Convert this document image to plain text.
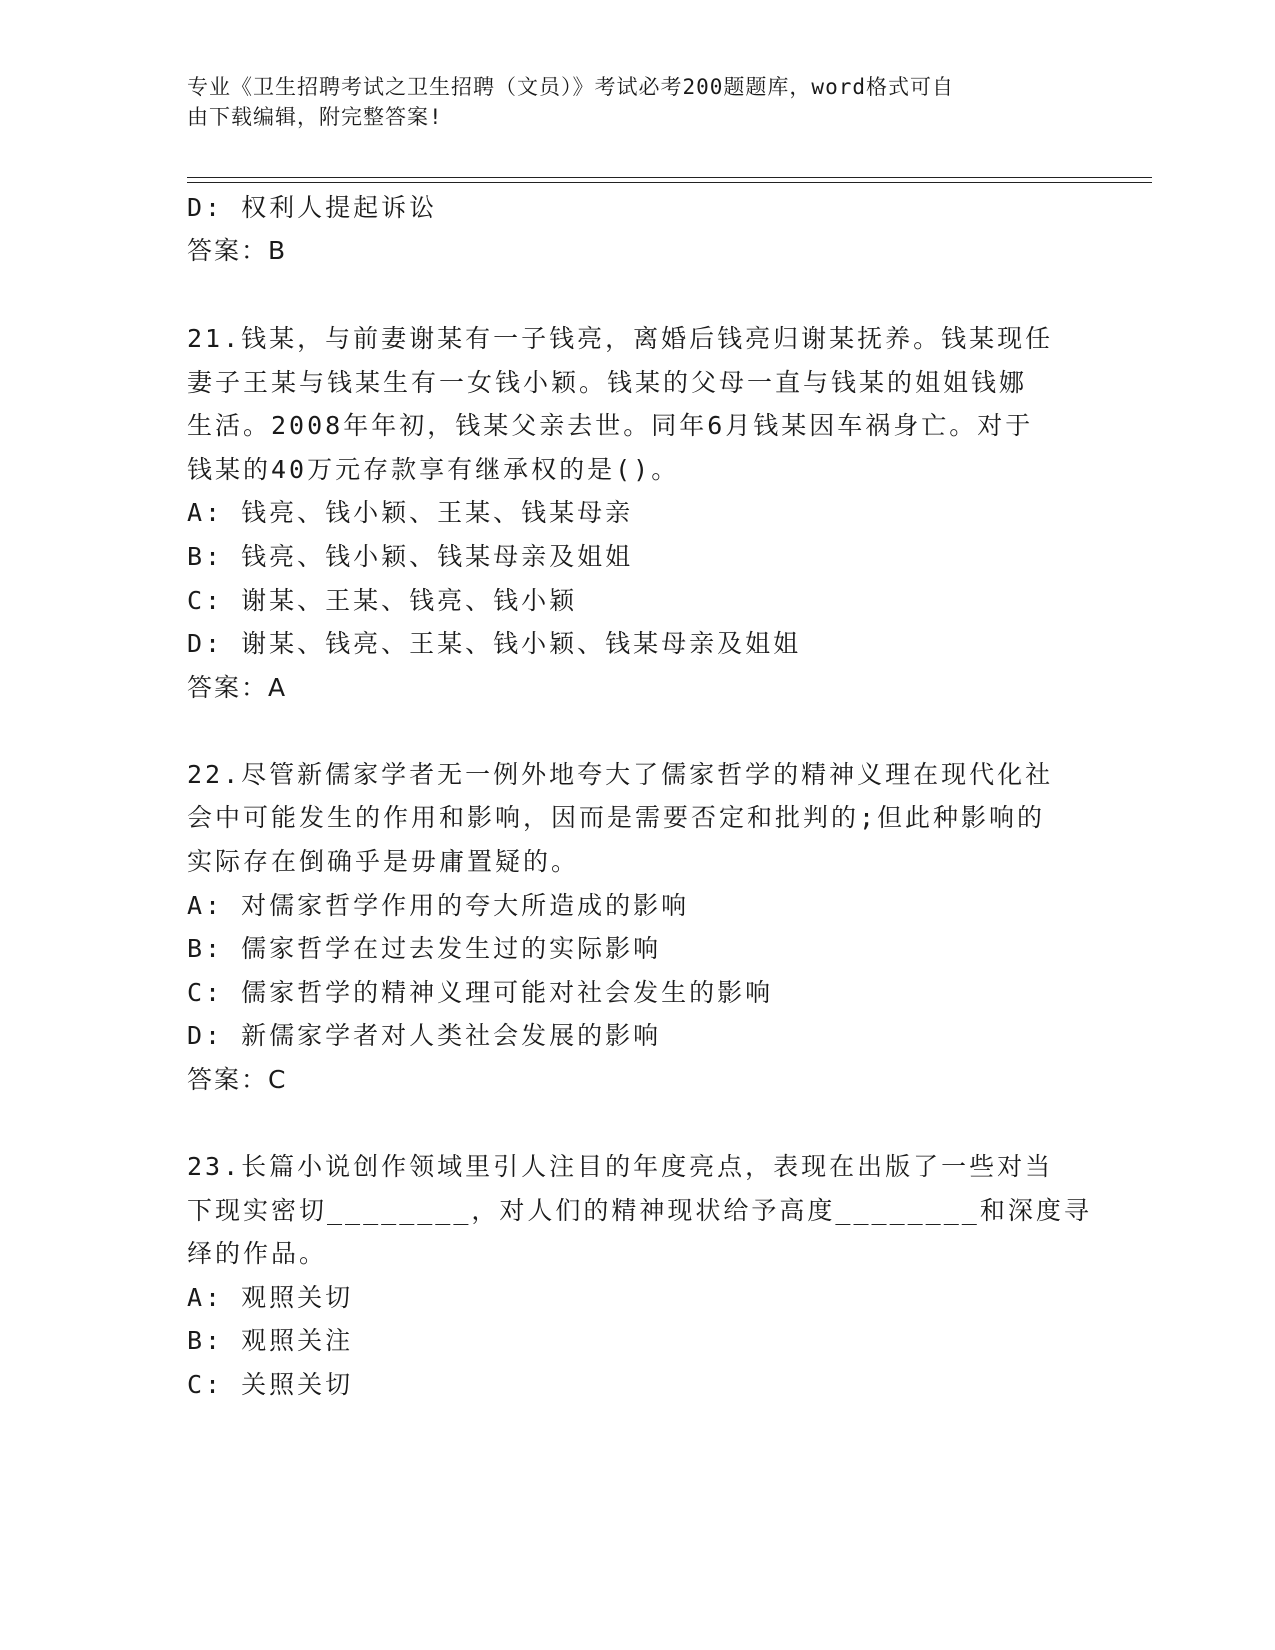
专业《卫生招聘考试之卫生招聘（文员）》考试必考200题题库，word格式可自
由下载编辑，附完整答案!
D: 权利人提起诉讼
答案：B
21.钱某，与前妻谢某有一子钱亮，离婚后钱亮归谢某抚养。钱某现任
妻子王某与钱某生有一女钱小颖。钱某的父母一直与钱某的姐姐钱娜
生活。2008年年初，钱某父亲去世。同年6月钱某因车祸身亡。对于
钱某的40万元存款享有继承权的是()。
A: 钱亮、钱小颖、王某、钱某母亲
B: 钱亮、钱小颖、钱某母亲及姐姐
C: 谢某、王某、钱亮、钱小颖
D: 谢某、钱亮、王某、钱小颖、钱某母亲及姐姐
答案：A
22.尽管新儒家学者无一例外地夸大了儒家哲学的精神义理在现代化社
会中可能发生的作用和影响，因而是需要否定和批判的;但此种影响的
实际存在倒确乎是毋庸置疑的。
A: 对儒家哲学作用的夸大所造成的影响
B: 儒家哲学在过去发生过的实际影响
C: 儒家哲学的精神义理可能对社会发生的影响
D: 新儒家学者对人类社会发展的影响
答案：C
23.长篇小说创作领域里引人注目的年度亮点，表现在出版了一些对当
下现实密切________，对人们的精神现状给予高度________和深度寻
绎的作品。
A: 观照关切
B: 观照关注
C: 关照关切
